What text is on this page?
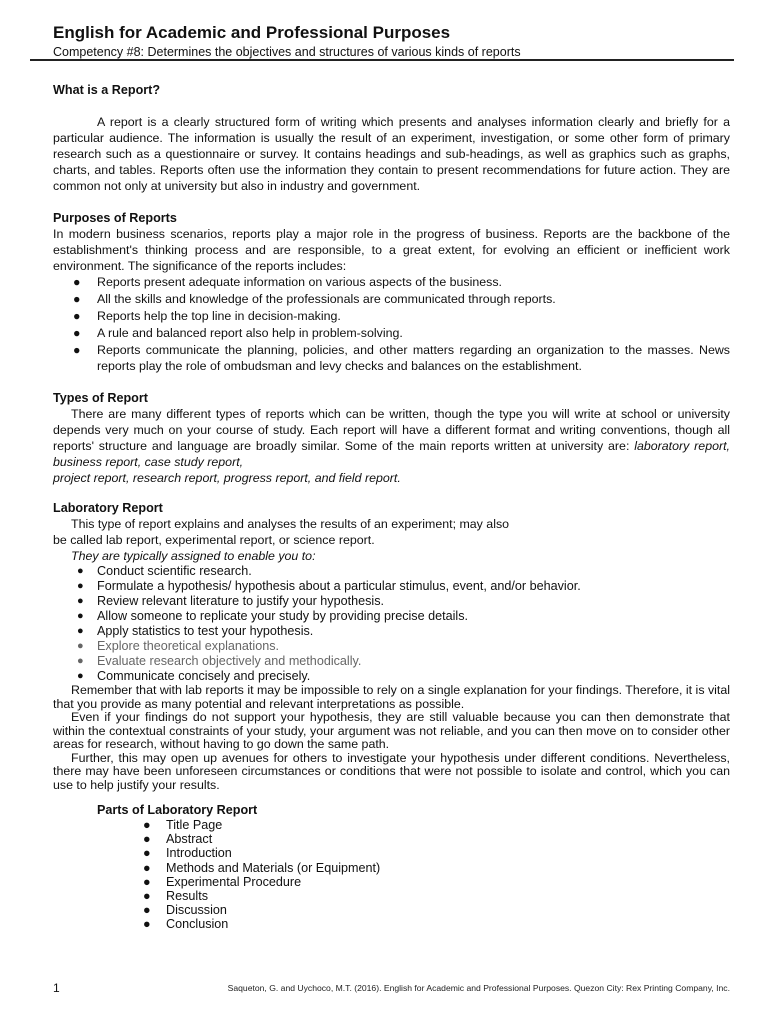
English for Academic and Professional Purposes
Competency #8: Determines the objectives and structures of various kinds of reports
What is a Report?

A report is a clearly structured form of writing which presents and analyses information clearly and briefly for a particular audience. The information is usually the result of an experiment, investigation, or some other form of primary research such as a questionnaire or survey. It contains headings and sub-headings, as well as graphics such as graphs, charts, and tables. Reports often use the information they contain to present recommendations for future action. They are common not only at university but also in industry and government.

Purposes of Reports

In modern business scenarios, reports play a major role in the progress of business. Reports are the backbone of the establishment's thinking process and are responsible, to a great extent, for evolving an efficient or inefficient work environment. The significance of the reports includes:

● Reports present adequate information on various aspects of the business.
● All the skills and knowledge of the professionals are communicated through reports.
● Reports help the top line in decision-making.
● A rule and balanced report also help in problem-solving.
● Reports communicate the planning, policies, and other matters regarding an organization to the masses. News reports play the role of ombudsman and levy checks and balances on the establishment.
Types of Report

There are many different types of reports which can be written, though the type you will write at school or university depends very much on your course of study. Each report will have a different format and writing conventions, though all reports' structure and language are broadly similar. Some of the main reports written at university are: laboratory report, business report, case study report,

project report, research report, progress report, and field report.

Laboratory Report

This type of report explains and analyses the results of an experiment; may also

be called lab report, experimental report, or science report.

They are typically assigned to enable you to:

● Conduct scientific research.
● Formulate a hypothesis/ hypothesis about a particular stimulus, event, and/or behavior.
● Review relevant literature to justify your hypothesis.
● Allow someone to replicate your study by providing precise details.
● Apply statistics to test your hypothesis.
● Explore theoretical explanations.
● Evaluate research objectively and methodically.
● Communicate concisely and precisely.

Remember that with lab reports it may be impossible to rely on a single explanation for your findings. Therefore, it is vital that you provide as many potential and relevant interpretations as possible.

Even if your findings do not support your hypothesis, they are still valuable because you can then demonstrate that within the contextual constraints of your study, your argument was not reliable, and you can then move on to consider other areas for research, without having to go down the same path.

Further, this may open up avenues for others to investigate your hypothesis under different conditions. Nevertheless, there may have been unforeseen circumstances or conditions that were not possible to isolate and control, which you can use to help justify your results.

Parts of Laboratory Report
● Title Page
● Abstract
● Introduction
● Methods and Materials (or Equipment)
● Experimental Procedure
● Results
● Discussion
● Conclusion
1	Saqueton, G. and Uychoco, M.T. (2016). English for Academic and Professional Purposes. Quezon City: Rex Printing Company, Inc.
